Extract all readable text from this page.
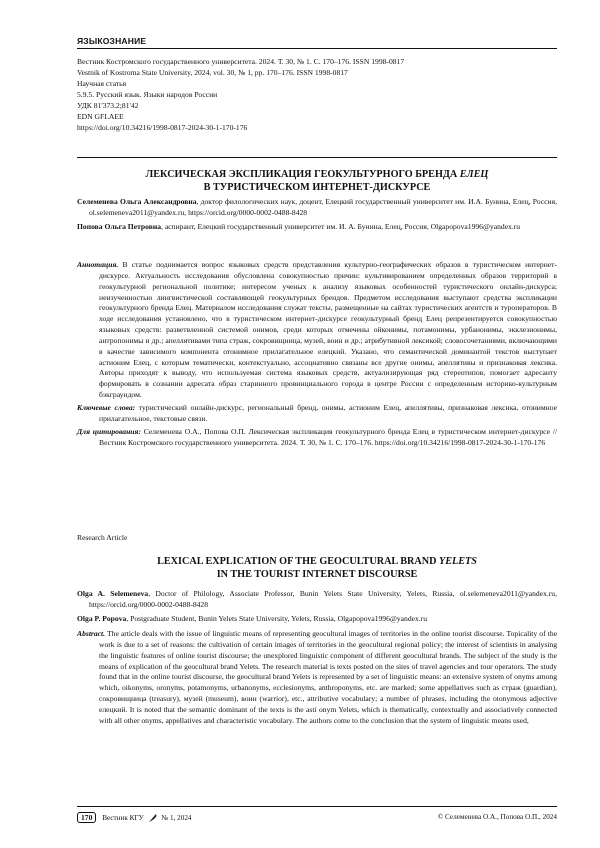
ЯЗЫКОЗНАНИЕ
Вестник Костромского государственного университета. 2024. Т. 30, № 1. С. 170–176. ISSN 1998-0817
Vestnik of Kostroma State University, 2024, vol. 30, № 1, pp. 170–176. ISSN 1998-0817
Научная статья
5.9.5. Русский язык. Языки народов России
УДК 81'373.2;81'42
EDN GFLAEE
https://doi.org/10.34216/1998-0817-2024-30-1-170-176
ЛЕКСИЧЕСКАЯ ЭКСПЛИКАЦИЯ ГЕОКУЛЬТУРНОГО БРЕНДА ЕЛЕЦ
В ТУРИСТИЧЕСКОМ ИНТЕРНЕТ-ДИСКУРСЕ
Селеменева Ольга Александровна, доктор филологических наук, доцент, Елецкий государственный университет им. И.А. Бунина, Елец, Россия, ol.selemeneva2011@yandex.ru, https://orcid.org/0000-0002-0488-8428
Попова Ольга Петровна, аспирант, Елецкий государственный университет им. И. А. Бунина, Елец, Россия, Olgapopova1996@yandex.ru
Аннотация. В статье поднимается вопрос языковых средств представления культурно-географических образов в туристическом интернет-дискурсе. Актуальность исследования обусловлена совокупностью причин: культивированием определенных образов территорий в геокультурной региональной политике; интересом ученых к анализу языковых особенностей туристического онлайн-дискурса; неизученностью лингвистической составляющей геокультурных брендов. Предметом исследования выступают средства экспликации геокультурного бренда Елец. Материалом исследования служат тексты, размещенные на сайтах туристических агентств и туроператоров. В ходе исследования установлено, что в туристическом интернет-дискурсе геокультурный бренд Елец репрезентируется совокупностью языковых средств: разветвленной системой онимов, среди которых отмечены ойконимы, потамонимы, урбанонимы, экклезионимы, антропонимы и др.; апеллятивами типа страж, сокровищница, музей, воин и др.; атрибутивной лексикой; словосочетаниями, включающими в качестве зависимого компонента отонимное прилагательное елецкий. Указано, что семантической доминантой текстов выступает астионим Елец, с которым тематически, контекстуально, ассоциативно связаны все другие онимы, апеллятивы и признаковая лексика. Авторы приходят к выводу, что используемая система языковых средств, актуализирующая ряд стереотипов, помогает адресанту формировать в сознании адресата образ старинного провинциального города в центре России с определенным историко-культурным бэкграундом.
Ключевые слова: туристический онлайн-дискурс, региональный бренд, онимы, астионим Елец, апеллятивы, признаковая лексика, отонимное прилагательное, текстовые связи.
Для цитирования: Селеменева О.А., Попова О.П. Лексическая экспликация геокультурного бренда Елец в туристическом интернет-дискурсе // Вестник Костромского государственного университета. 2024. Т. 30, № 1. С. 170–176. https://doi.org/10.34216/1998-0817-2024-30-1-170-176
Research Article
LEXICAL EXPLICATION OF THE GEOCULTURAL BRAND YELETS
IN THE TOURIST INTERNET DISCOURSE
Olga A. Selemeneva, Doctor of Philology, Associate Professor, Bunin Yelets State University, Yelets, Russia, ol.selemeneva2011@yandex.ru, https://orcid.org/0000-0002-0488-8428
Olga P. Popova, Postgraduate Student, Bunin Yelets State University, Yelets, Russia, Olgapopova1996@yandex.ru
Abstract. The article deals with the issue of linguistic means of representing geocultural images of territories in the online tourist discourse. Topicality of the work is due to a set of reasons: the cultivation of certain images of territories in the geocultural regional policy; the interest of scientists in analysing the linguistic features of online tourist discourse; the unexplored linguistic component of different geocultural brands. The subject of the study is the means of explication of the geocultural brand Yelets. The research material is texts posted on the sites of travel agencies and tour operators. The study found that in the online tourist discourse, the geocultural brand Yelets is represented by a set of linguistic means: an extensive system of onyms among which, oikonyms, oronyms, potamonyms, urbanonyms, ecclesionyms, anthroponyms, etc. are marked; some appellatives such as страж (guardian), сокровищница (treasury), музей (museum), воин (warrior), etc., attributive vocabulary; a number of phrases, including the otonymous adjective елецкий. It is noted that the semantic dominant of the texts is the asti onym Yelets, which is thematically, contextually and associatively connected with all other onyms, appellatives and characteristic vocabulary. The authors come to the conclusion that the system of linguistic means used,
170 Вестник КГУ № 1, 2024	© Селеменева О.А., Попова О.П., 2024
